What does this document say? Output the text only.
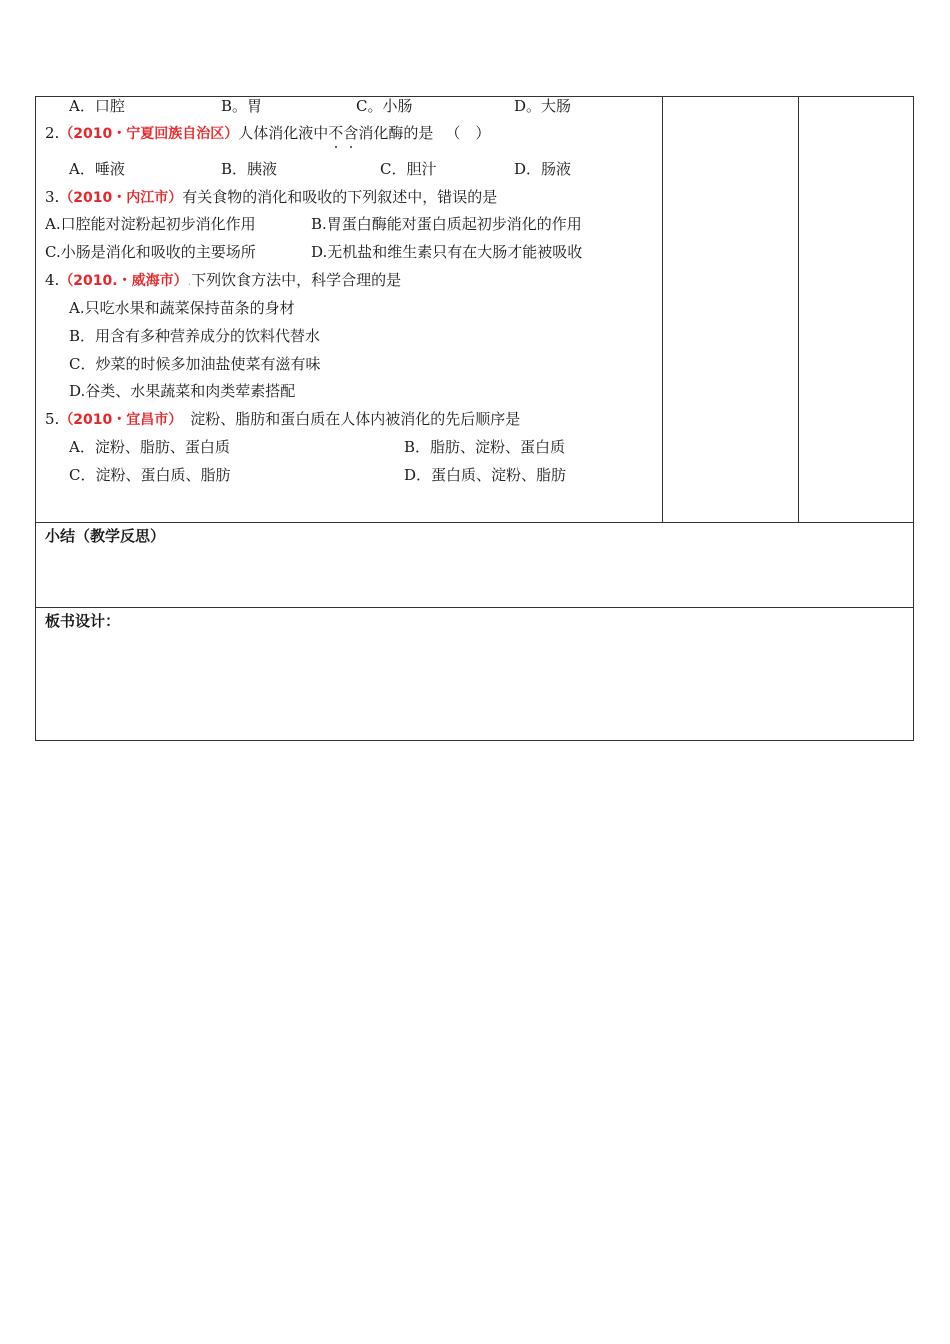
A．口腔	B。胃	C。小肠	D。大肠
2.（2010・宁夏回族自治区）人体消化液中不含消化酶的是 （　）
A．唾液	B．胰液	C．胆汁	D．肠液
3.（2010・内江市）有关食物的消化和吸收的下列叙述中，错误的是
A.口腔能对淀粉起初步消化作用	B.胃蛋白酶能对蛋白质起初步消化的作用
C.小肠是消化和吸收的主要场所	D.无机盐和维生素只有在大肠才能被吸收
4.（2010.・威海市）.下列饮食方法中，科学合理的是
A.只吃水果和蔬菜保持苗条的身材
B．用含有多种营养成分的饮料代替水
C．炒菜的时候多加油盐使菜有滋有味
D.谷类、水果蔬菜和肉类荤素搭配
5.（2010・宜昌市） 淀粉、脂肪和蛋白质在人体内被消化的先后顺序是
A．淀粉、脂肪、蛋白质	B．脂肪、淀粉、蛋白质
C．淀粉、蛋白质、脂肪	D．蛋白质、淀粉、脂肪
小结（教学反思）
板书设计：
